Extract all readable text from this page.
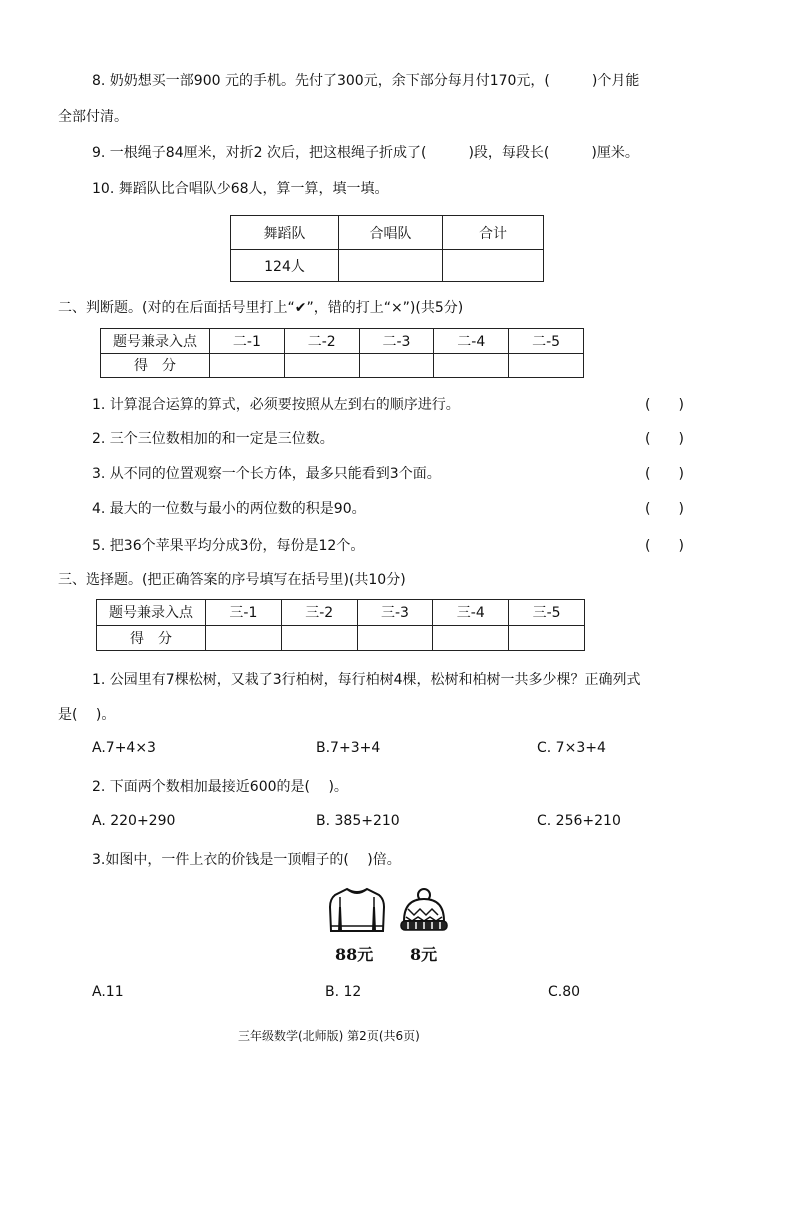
8. 奶奶想买一部900 元的手机。先付了300元，余下部分每月付170元，(　　　)个月能
全部付清。
9. 一根绳子84厘米，对折2 次后，把这根绳子折成了(　　　)段，每段长(　　　)厘米。
10. 舞蹈队比合唱队少68人，算一算，填一填。
舞蹈队	合唱队	合计
124人		
二、判断题。(对的在后面括号里打上“✔”，错的打上“×”)(共5分)
题号兼录入点	二-1	二-2	二-3	二-4	二-5
得　分					
1. 计算混合运算的算式，必须要按照从左到右的顺序进行。	(　　)
2. 三个三位数相加的和一定是三位数。	(　　)
3. 从不同的位置观察一个长方体，最多只能看到3个面。	(　　)
4. 最大的一位数与最小的两位数的积是90。	(　　)
5. 把36个苹果平均分成3份，每份是12个。	(　　)
三、选择题。(把正确答案的序号填写在括号里)(共10分)
题号兼录入点	三-1	三-2	三-3	三-4	三-5
得　分					
1. 公园里有7棵松树，又栽了3行柏树，每行柏树4棵，松树和柏树一共多少棵？正确列式
是(　 )。
A.7+4×3	B.7+3+4	C. 7×3+4
2. 下面两个数相加最接近600的是(　 )。
A. 220+290	B. 385+210	C. 256+210
3.如图中，一件上衣的价钱是一顶帽子的(　 )倍。
88元 8元
A.11	B. 12	C.80
三年级数学(北师版) 第2页(共6页)
